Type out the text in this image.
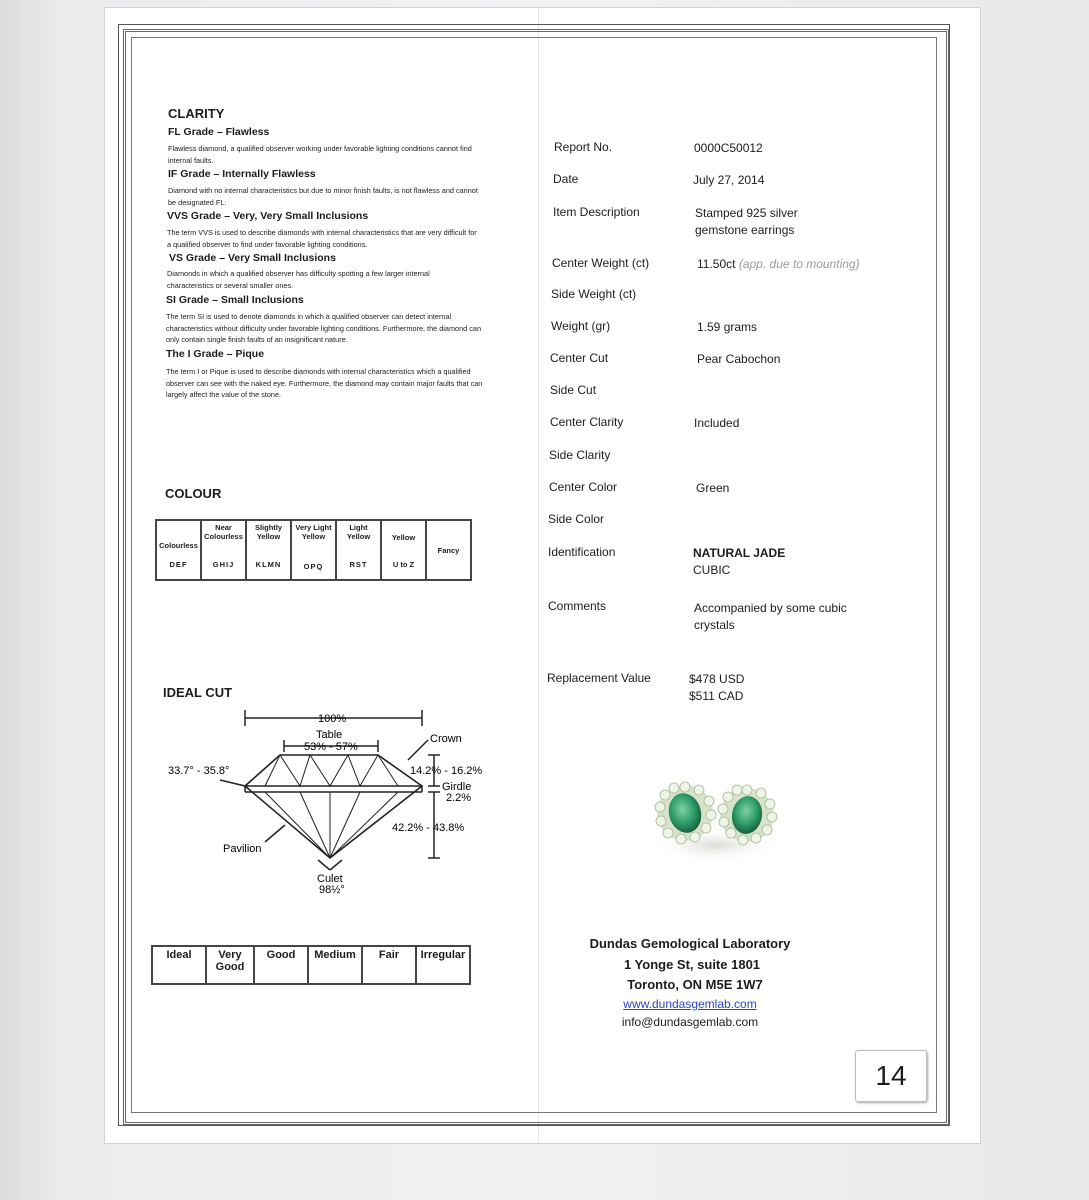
CLARITY
FL Grade – Flawless
Flawless diamond, a qualified observer working under favorable lighting conditions cannot find internal faults.
IF Grade – Internally Flawless
Diamond with no internal characteristics but due to minor finish faults, is not flawless and cannot be designated FL.
VVS Grade – Very, Very Small Inclusions
The term VVS is used to describe diamonds with internal characteristics that are very difficult for a qualified observer to find under favorable lighting conditions.
VS Grade – Very Small Inclusions
Diamonds in which a qualified observer has difficulty spotting a few larger internal characteristics or several smaller ones.
SI Grade – Small Inclusions
The term SI is used to denote diamonds in which a qualified observer can detect internal characteristics without difficulty under favorable lighting conditions. Furthermore, the diamond can only contain single finish faults of an insignificant nature.
The I Grade – Pique
The term I or Pique is used to describe diamonds with internal characteristics which a qualified observer can see with the naked eye. Furthermore, the diamond may contain major faults that can largely affect the value of the stone.
COLOUR
Colourless
DEF

Near Colourless
GHIJ

Slightly Yellow
KLMN

Very Light Yellow
OPQ

Light Yellow
RST

Yellow
U to Z

Fancy
IDEAL CUT
100%
Table
53% - 57%
Crown
33.7° - 35.8°	14.2% - 16.2%
Girdle
2.2%
42.2% - 43.8%
Pavilion
Culet
98½°
Ideal	Very Good	Good	Medium	Fair	Irregular
Report No.	0000C50012
Date	July 27, 2014
Item Description	Stamped 925 silver
gemstone earrings
Center Weight (ct)	11.50ct (app. due to mounting)
Side Weight (ct)
Weight (gr)	1.59 grams
Center Cut	Pear Cabochon
Side Cut
Center Clarity	Included
Side Clarity
Center Color	Green
Side Color
Identification	NATURAL JADE
CUBIC
Comments	Accompanied by some cubic
crystals
Replacement Value	$478 USD
$511 CAD
Dundas Gemological Laboratory
1 Yonge St, suite 1801
Toronto, ON M5E 1W7
www.dundasgemlab.com
info@dundasgemlab.com
14
